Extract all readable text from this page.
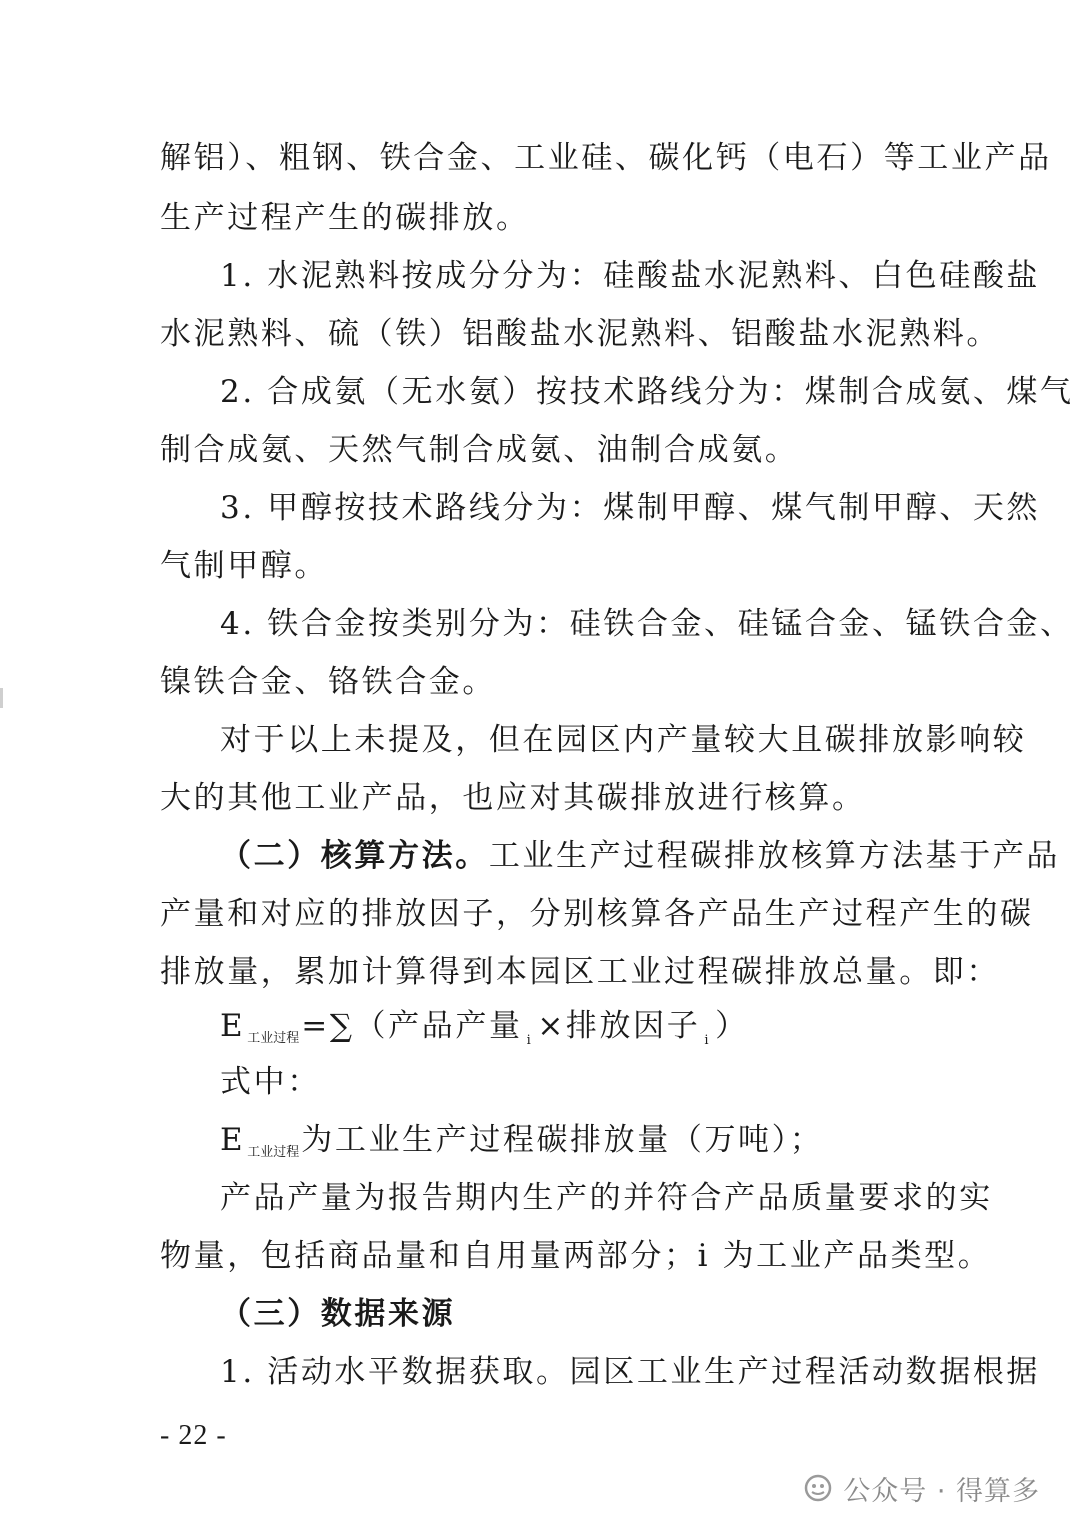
解铝）、粗钢、铁合金、工业硅、碳化钙（电石）等工业产品
生产过程产生的碳排放。
1. 水泥熟料按成分分为：硅酸盐水泥熟料、白色硅酸盐
水泥熟料、硫（铁）铝酸盐水泥熟料、铝酸盐水泥熟料。
2. 合成氨（无水氨）按技术路线分为：煤制合成氨、煤气
制合成氨、天然气制合成氨、油制合成氨。
3. 甲醇按技术路线分为：煤制甲醇、煤气制甲醇、天然
气制甲醇。
4. 铁合金按类别分为：硅铁合金、硅锰合金、锰铁合金、
镍铁合金、铬铁合金。
对于以上未提及，但在园区内产量较大且碳排放影响较
大的其他工业产品，也应对其碳排放进行核算。
（二）核算方法。工业生产过程碳排放核算方法基于产品
产量和对应的排放因子，分别核算各产品生产过程产生的碳
排放量，累加计算得到本园区工业过程碳排放总量。即：
E工业过程=∑（产品产量 $_i$ ×排放因子 $_i$ ）
式中：
E工业过程为工业生产过程碳排放量（万吨）；
产品产量为报告期内生产的并符合产品质量要求的实
物量，包括商品量和自用量两部分；i 为工业产品类型。
（三）数据来源
1. 活动水平数据获取。园区工业生产过程活动数据根据
- 22 -
公众号 · 得算多
